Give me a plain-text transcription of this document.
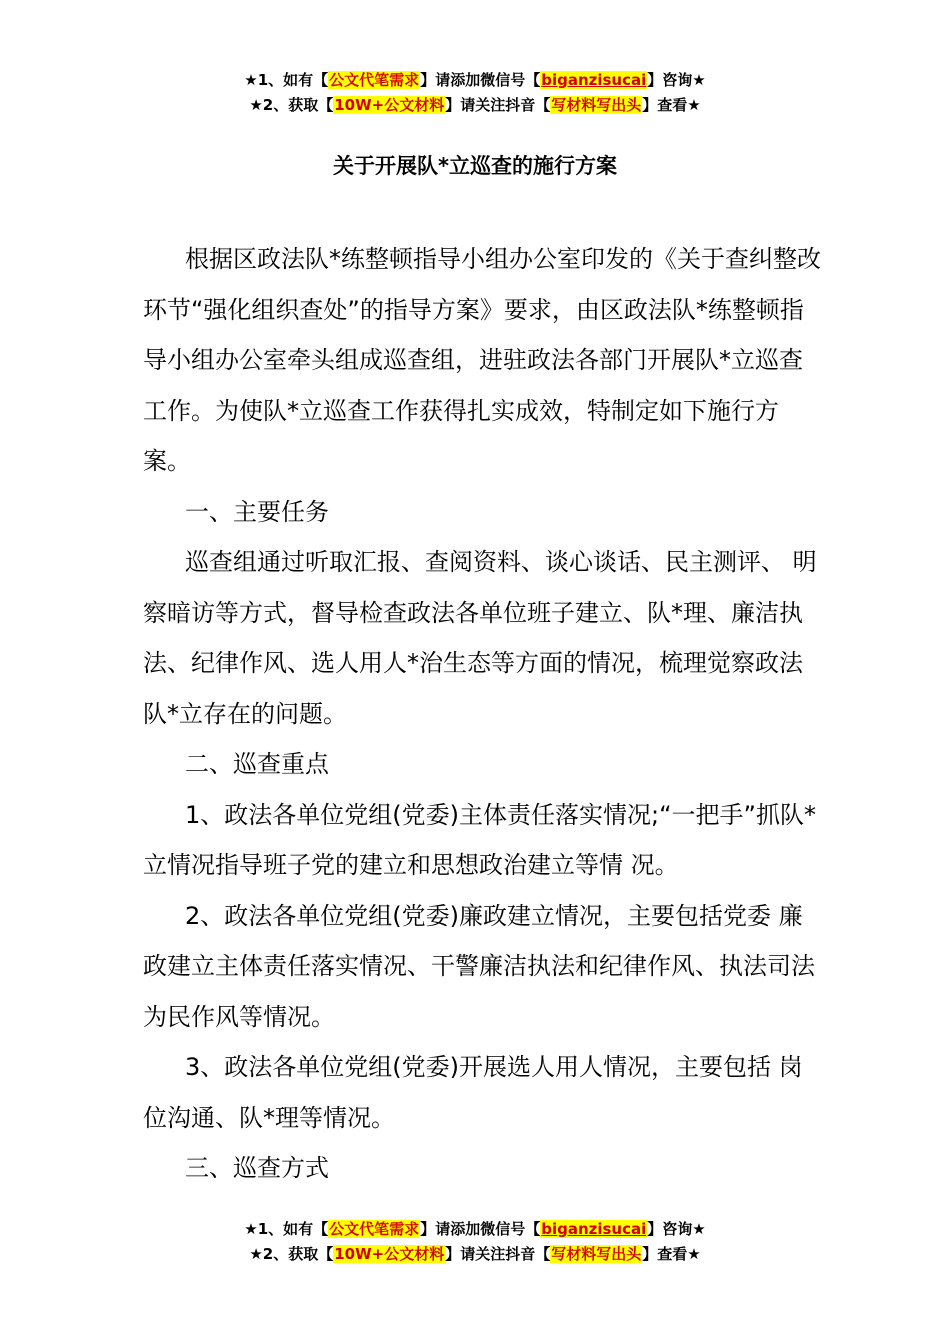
★1、如有【公文代笔需求】请添加微信号【biganzisucai】咨询★
★2、获取【10W+公文材料】请关注抖音【写材料写出头】查看★
关于开展队*立巡查的施行方案

根据区政法队*练整顿指导小组办公室印发的《关于查纠整改环节“强化组织查处”的指导方案》要求，由区政法队*练整顿指导小组办公室牵头组成巡查组，进驻政法各部门开展队*立巡查工作。为使队*立巡查工作获得扎实成效，特制定如下施行方案。

一、主要任务

巡查组通过听取汇报、查阅资料、谈心谈话、民主测评、 明察暗访等方式，督导检查政法各单位班子建立、队*理、廉洁执法、纪律作风、选人用人*治生态等方面的情况，梳理觉察政法队*立存在的问题。

二、巡查重点

1、政法各单位党组(党委)主体责任落实情况;“一把手”抓队*立情况指导班子党的建立和思想政治建立等情 况。

2、政法各单位党组(党委)廉政建立情况，主要包括党委 廉政建立主体责任落实情况、干警廉洁执法和纪律作风、执法司法为民作风等情况。

3、政法各单位党组(党委)开展选人用人情况，主要包括 岗位沟通、队*理等情况。

三、巡查方式

★1、如有【公文代笔需求】请添加微信号【biganzisucai】咨询★
★2、获取【10W+公文材料】请关注抖音【写材料写出头】查看★
